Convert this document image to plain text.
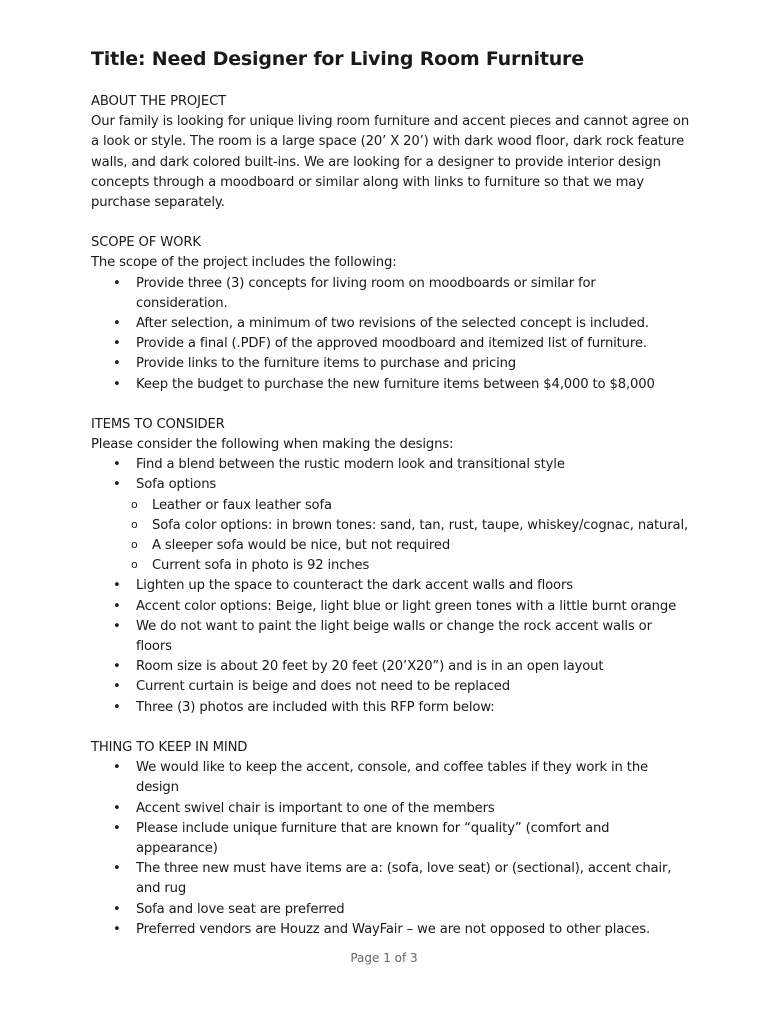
Title: Need Designer for Living Room Furniture

ABOUT THE PROJECT

Our family is looking for unique living room furniture and accent pieces and cannot agree on a look or style. The room is a large space (20’ X 20’) with dark wood floor, dark rock feature walls, and dark colored built-ins. We are looking for a designer to provide interior design concepts through a moodboard or similar along with links to furniture so that we may purchase separately.

SCOPE OF WORK

The scope of the project includes the following:

• Provide three (3) concepts for living room on moodboards or similar for consideration.
• After selection, a minimum of two revisions of the selected concept is included.
• Provide a final (.PDF) of the approved moodboard and itemized list of furniture.
• Provide links to the furniture items to purchase and pricing
• Keep the budget to purchase the new furniture items between $4,000 to $8,000

ITEMS TO CONSIDER

Please consider the following when making the designs:

• Find a blend between the rustic modern look and transitional style
• Sofa options
o Leather or faux leather sofa
o Sofa color options: in brown tones: sand, tan, rust, taupe, whiskey/cognac, natural,
o A sleeper sofa would be nice, but not required
o Current sofa in photo is 92 inches
• Lighten up the space to counteract the dark accent walls and floors
• Accent color options: Beige, light blue or light green tones with a little burnt orange
• We do not want to paint the light beige walls or change the rock accent walls or floors
• Room size is about 20 feet by 20 feet (20’X20”) and is in an open layout
• Current curtain is beige and does not need to be replaced
• Three (3) photos are included with this RFP form below:

THING TO KEEP IN MIND

• We would like to keep the accent, console, and coffee tables if they work in the design
• Accent swivel chair is important to one of the members
• Please include unique furniture that are known for “quality” (comfort and appearance)
• The three new must have items are a: (sofa, love seat) or (sectional), accent chair, and rug
• Sofa and love seat are preferred
• Preferred vendors are Houzz and WayFair – we are not opposed to other places.
Page 1 of 3
